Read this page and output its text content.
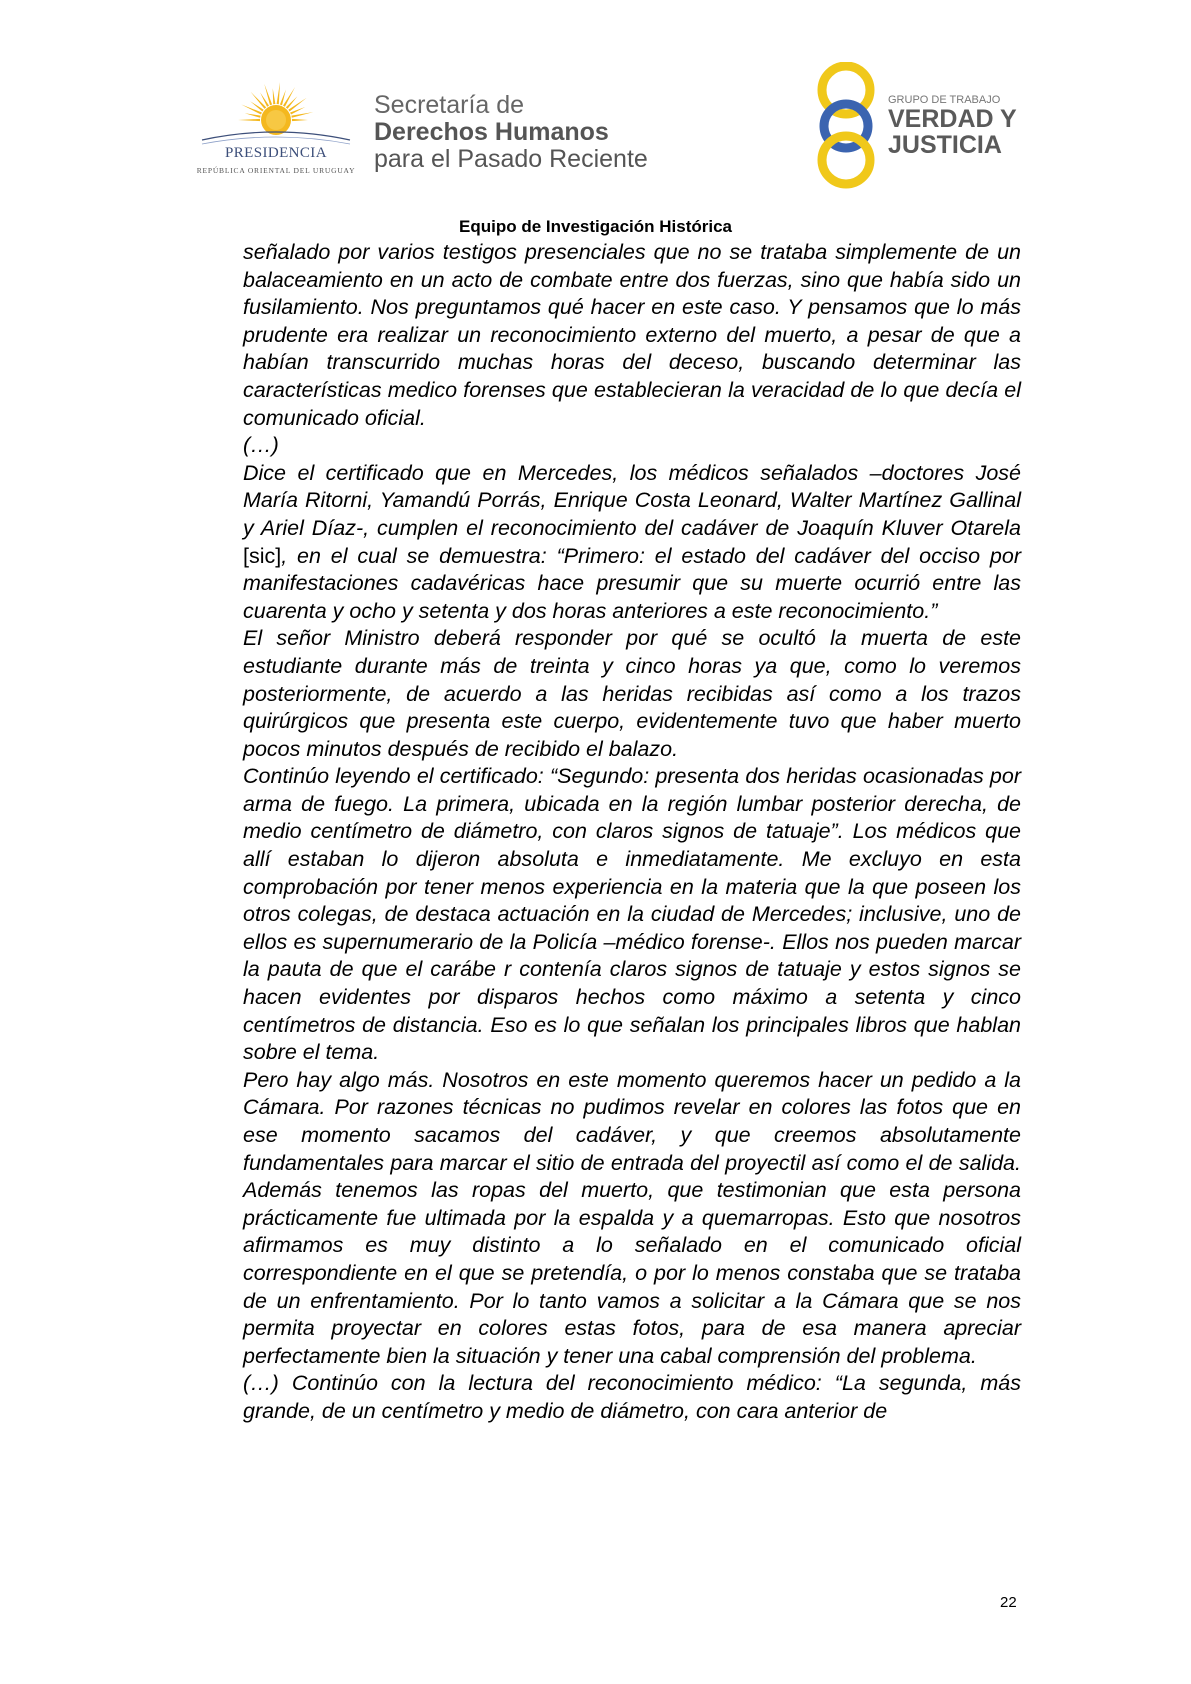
PRESIDENCIA
REPÚBLICA ORIENTAL DEL URUGUAY
Secretaría de
Derechos Humanos
para el Pasado Reciente
GRUPO DE TRABAJO
VERDAD Y
JUSTICIA
Equipo de Investigación Histórica

señalado por varios testigos presenciales que no se trataba simplemente de un balaceamiento en un acto de combate entre dos fuerzas, sino que había sido un fusilamiento. Nos preguntamos qué hacer en este caso. Y pensamos que lo más prudente era realizar un reconocimiento externo del muerto, a pesar de que a habían transcurrido muchas horas del deceso, buscando determinar las características medico forenses que establecieran la veracidad de lo que decía el comunicado oficial.

(…)

Dice el certificado que en Mercedes, los médicos señalados –doctores José María Ritorni, Yamandú Porrás, Enrique Costa Leonard, Walter Martínez Gallinal y Ariel Díaz-, cumplen el reconocimiento del cadáver de Joaquín Kluver Otarela [sic], en el cual se demuestra: “Primero: el estado del cadáver del occiso por manifestaciones cadavéricas hace presumir que su muerte ocurrió entre las cuarenta y ocho y setenta y dos horas anteriores a este reconocimiento.”

El señor Ministro deberá responder por qué se ocultó la muerta de este estudiante durante más de treinta y cinco horas ya que, como lo veremos posteriormente, de acuerdo a las heridas recibidas así como a los trazos quirúrgicos que presenta este cuerpo, evidentemente tuvo que haber muerto pocos minutos después de recibido el balazo.

Continúo leyendo el certificado: “Segundo: presenta dos heridas ocasionadas por arma de fuego. La primera, ubicada en la región lumbar posterior derecha, de medio centímetro de diámetro, con claros signos de tatuaje”. Los médicos que allí estaban lo dijeron absoluta e inmediatamente. Me excluyo en esta comprobación por tener menos experiencia en la materia que la que poseen los otros colegas, de destaca actuación en la ciudad de Mercedes; inclusive, uno de ellos es supernumerario de la Policía –médico forense-. Ellos nos pueden marcar la pauta de que el carábe r contenía claros signos de tatuaje y estos signos se hacen evidentes por disparos hechos como máximo a setenta y cinco centímetros de distancia. Eso es lo que señalan los principales libros que hablan sobre el tema.

Pero hay algo más. Nosotros en este momento queremos hacer un pedido a la Cámara. Por razones técnicas no pudimos revelar en colores las fotos que en ese momento sacamos del cadáver, y que creemos absolutamente fundamentales para marcar el sitio de entrada del proyectil así como el de salida. Además tenemos las ropas del muerto, que testimonian que esta persona prácticamente fue ultimada por la espalda y a quemarropas. Esto que nosotros afirmamos es muy distinto a lo señalado en el comunicado oficial correspondiente en el que se pretendía, o por lo menos constaba que se trataba de un enfrentamiento. Por lo tanto vamos a solicitar a la Cámara que se nos permita proyectar en colores estas fotos, para de esa manera apreciar perfectamente bien la situación y tener una cabal comprensión del problema.

(…) Continúo con la lectura del reconocimiento médico: “La segunda, más grande, de un centímetro y medio de diámetro, con cara anterior de

22
